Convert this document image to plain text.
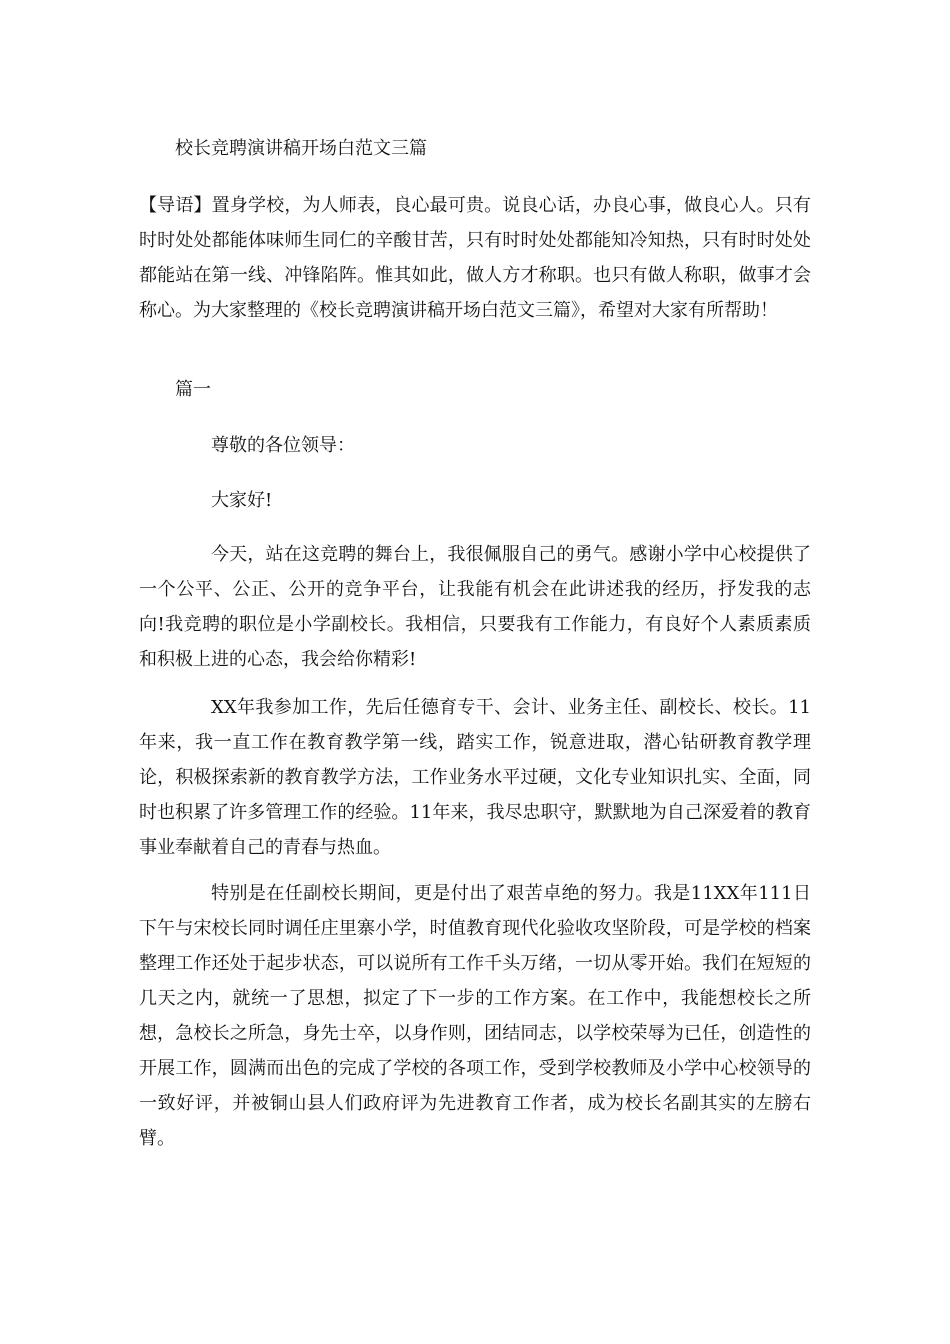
校长竞聘演讲稿开场白范文三篇

【导语】置身学校，为人师表，良心最可贵。说良心话，办良心事，做良心人。只有时时处处都能体味师生同仁的辛酸甘苦，只有时时处处都能知冷知热，只有时时处处都能站在第一线、冲锋陷阵。惟其如此，做人方才称职。也只有做人称职，做事才会称心。为大家整理的《校长竞聘演讲稿开场白范文三篇》，希望对大家有所帮助！

篇一

尊敬的各位领导：

大家好!

今天，站在这竞聘的舞台上，我很佩服自己的勇气。感谢小学中心校提供了一个公平、公正、公开的竞争平台，让我能有机会在此讲述我的经历，抒发我的志向!我竞聘的职位是小学副校长。我相信，只要我有工作能力，有良好个人素质素质和积极上进的心态，我会给你精彩!

XX年我参加工作，先后任德育专干、会计、业务主任、副校长、校长。11年来，我一直工作在教育教学第一线，踏实工作，锐意进取，潜心钻研教育教学理论，积极探索新的教育教学方法，工作业务水平过硬，文化专业知识扎实、全面，同时也积累了许多管理工作的经验。11年来，我尽忠职守，默默地为自己深爱着的教育事业奉献着自己的青春与热血。

特别是在任副校长期间，更是付出了艰苦卓绝的努力。我是11XX年111日下午与宋校长同时调任庄里寨小学，时值教育现代化验收攻坚阶段，可是学校的档案整理工作还处于起步状态，可以说所有工作千头万绪，一切从零开始。我们在短短的几天之内，就统一了思想，拟定了下一步的工作方案。在工作中，我能想校长之所想，急校长之所急，身先士卒，以身作则，团结同志，以学校荣辱为已任，创造性的开展工作，圆满而出色的完成了学校的各项工作，受到学校教师及小学中心校领导的一致好评，并被铜山县人们政府评为先进教育工作者，成为校长名副其实的左膀右臂。
